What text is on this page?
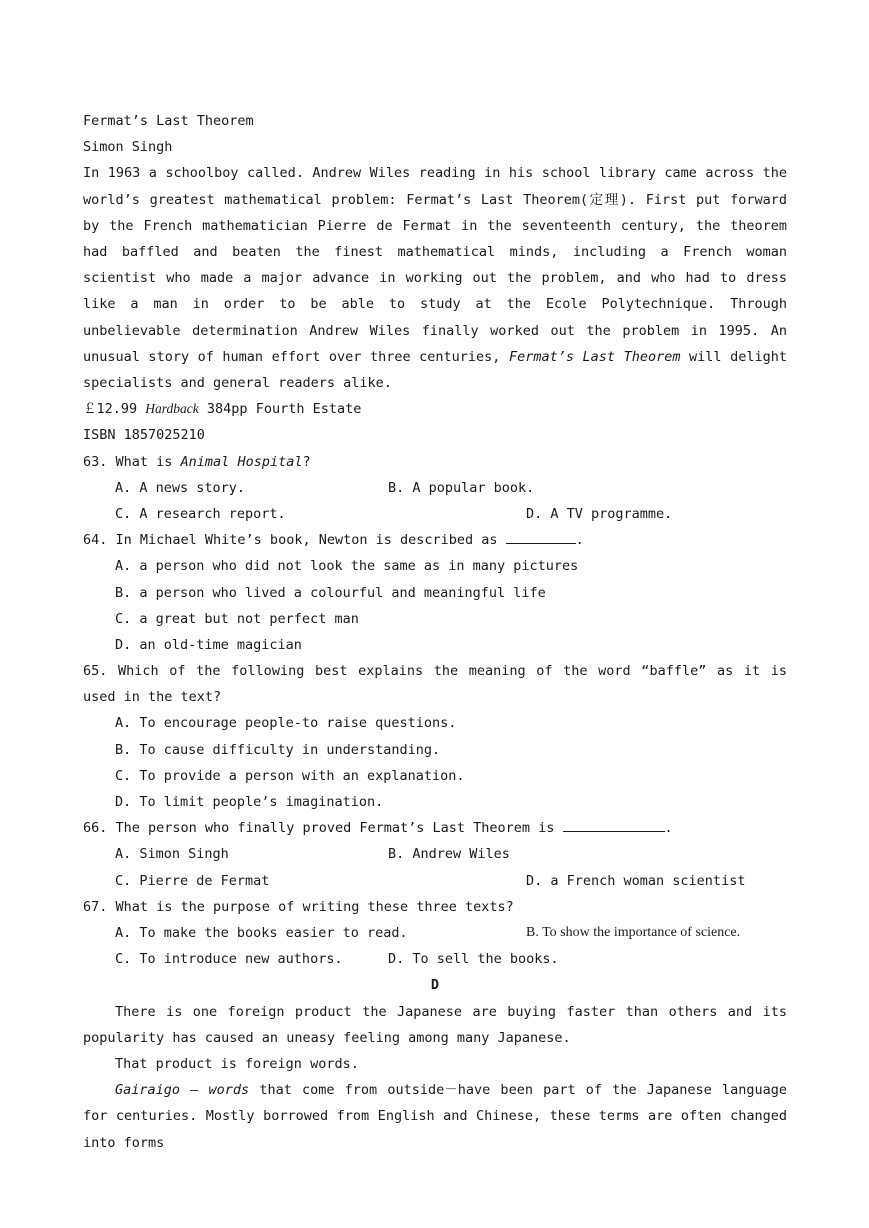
Fermat’s Last Theorem
Simon Singh
In 1963 a schoolboy called. Andrew Wiles reading in his school library came across the world’s greatest mathematical problem: Fermat’s Last Theorem(定理). First put forward by the French mathematician Pierre de Fermat in the seventeenth century, the theorem had baffled and beaten the finest mathematical minds, including a French woman scientist who made a major advance in working out the problem, and who had to dress like a man in order to be able to study at the Ecole Polytechnique. Through unbelievable determination Andrew Wiles finally worked out the problem in 1995. An unusual story of human effort over three centuries, Fermat’s Last Theorem will delight specialists and general readers alike.
￡12.99 Hardback 384pp Fourth Estate
ISBN 1857025210
63. What is Animal Hospital?
A. A news story.	B. A popular book.
C. A research report.	D. A TV programme.
64. In Michael White’s book, Newton is described as	.
A. a person who did not look the same as in many pictures
B. a person who lived a colourful and meaningful life
C. a great but not perfect man
D. an old-time magician
65. Which of the following best explains the meaning of the word “baffle” as it is used in the text?
A. To encourage people-to raise questions.
B. To cause difficulty in understanding.
C. To provide a person with an explanation.
D. To limit people’s imagination.
66. The person who finally proved Fermat’s Last Theorem is	.
A. Simon Singh	B. Andrew Wiles
C. Pierre de Fermat	D. a French woman scientist
67. What is the purpose of writing these three texts?
A. To make the books easier to read.	B. To show the importance of science.
C. To introduce new authors.	D. To sell the books.
D
There is one foreign product the Japanese are buying faster than others and its popularity has caused an uneasy feeling among many Japanese.
That product is foreign words.
Gairaigo – words that come from outside－have been part of the Japanese language for centuries. Mostly borrowed from English and Chinese, these terms are often changed into forms
